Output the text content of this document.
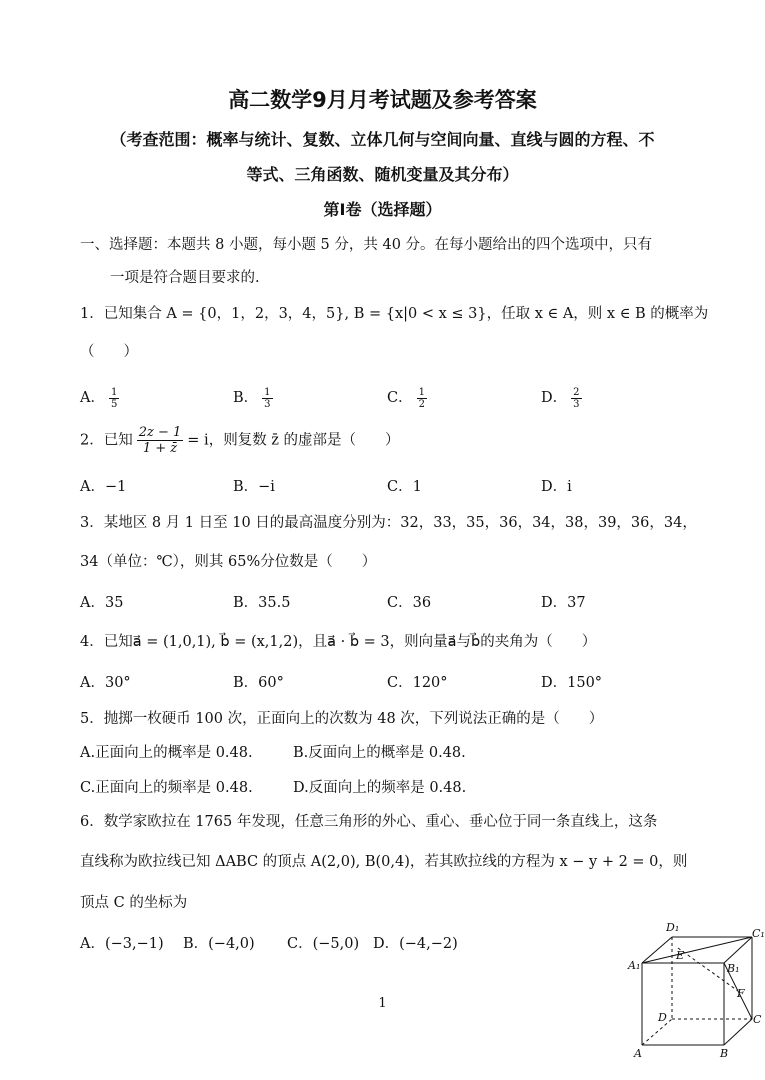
高二数学9月月考试题及参考答案
（考查范围：概率与统计、复数、立体几何与空间向量、直线与圆的方程、不
等式、三角函数、随机变量及其分布）
第Ⅰ卷（选择题）
一、选择题：本题共 8 小题，每小题 5 分，共 40 分。在每小题给出的四个选项中，只有
一项是符合题目要求的.
1．已知集合 A = {0，1，2，3，4，5}, B = {x|0 < x ≤ 3}，任取 x ∈ A，则 x ∈ B 的概率为
（　　）
A． $\frac{1}{5}$	B． $\frac{1}{3}$	C． $\frac{1}{2}$	D． $\frac{2}{3}$
2．已知 $\frac{2z - 1}{1 + z̄} = i$，则复数 z̄ 的虚部是（　　）
A．−1	B．−i	C．1	D．i
3．某地区 8 月 1 日至 10 日的最高温度分别为：32，33，35，36，34，38，39，36，34，
34（单位：℃），则其 65%分位数是（　　）
A．35	B．35.5	C．36	D．37
4．已知a⃗ = (1,0,1), b⃗ = (x,1,2)，且a⃗ · b⃗ = 3，则向量a⃗与b⃗的夹角为（　　）
A．30°	B．60°	C．120°	D．150°
5．抛掷一枚硬币 100 次，正面向上的次数为 48 次，下列说法正确的是（　　）
A.正面向上的概率是 0.48.	B.反面向上的概率是 0.48.
C.正面向上的频率是 0.48.	D.反面向上的频率是 0.48.
6．数学家欧拉在 1765 年发现，任意三角形的外心、重心、垂心位于同一条直线上，这条
直线称为欧拉线已知 ΔABC 的顶点 A(2,0), B(0,4)，若其欧拉线的方程为 x − y + 2 = 0，则
顶点 C 的坐标为
A．(−3,−1) B．(−4,0) C．(−5,0) D．(−4,−2)
1
D₁	C₁
A₁	B₁
E
F
D	C
A	B
